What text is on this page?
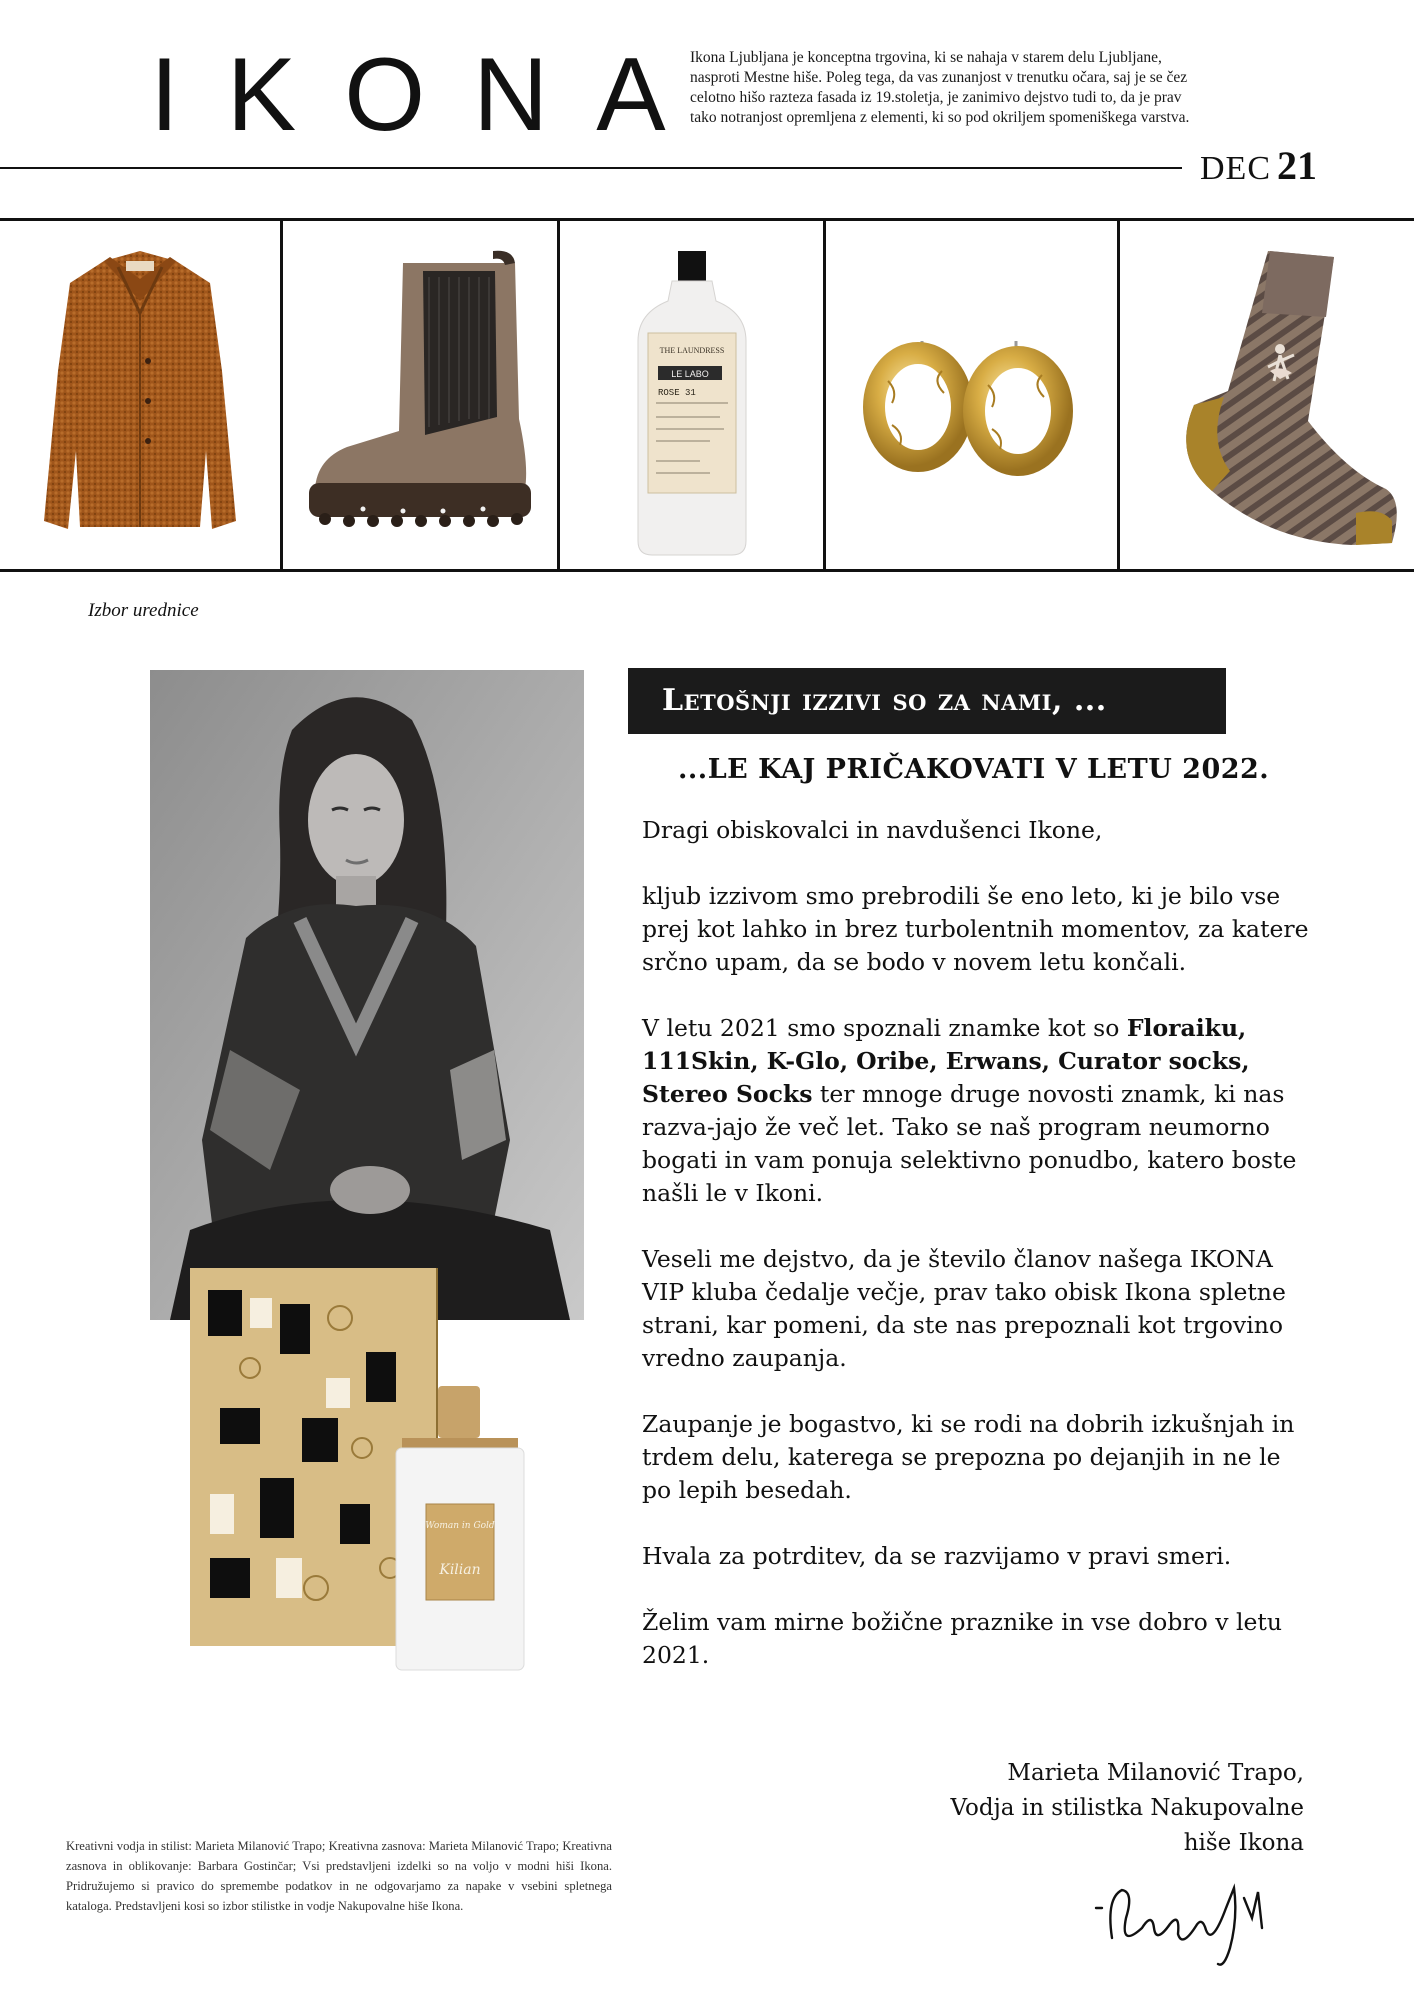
IKONA
Ikona Ljubljana je konceptna trgovina, ki se nahaja v starem delu Ljubljane, nasproti Mestne hiše. Poleg tega, da vas zunanjost v trenutku očara, saj je se čez celotno hišo razteza fasada iz 19.stoletja, je zanimivo dejstvo tudi to, da je prav tako notranjost opremljena z elementi, ki so pod okriljem spomeniškega varstva.
DEC 21
THE LAUNDRESS
LE LABO
ROSE 31
Izbor urednice
Woman in Gold
Kilian
Letošnji izzivi so za nami, ...
...LE KAJ PRIČAKOVATI V LETU 2022.

Dragi obiskovalci in navdušenci Ikone,

kljub izzivom smo prebrodili še eno leto, ki je bilo vse prej kot lahko in brez turbolentnih momentov, za katere srčno upam, da se bodo v novem letu končali.

V letu 2021 smo spoznali znamke kot so Floraiku, 111Skin, K-Glo, Oribe, Erwans, Curator socks, Stereo Socks ter mnoge druge novosti znamk, ki nas razva-jajo že več let. Tako se naš program neumorno bogati in vam ponuja selektivno ponudbo, katero boste našli le v Ikoni.

Veseli me dejstvo, da je število članov našega IKONA VIP kluba čedalje večje, prav tako obisk Ikona spletne strani, kar pomeni, da ste nas prepoznali kot trgovino vredno zaupanja.

Zaupanje je bogastvo, ki se rodi na dobrih izkušnjah in trdem delu, katerega se prepozna po dejanjih in ne le po lepih besedah.

Hvala za potrditev, da se razvijamo v pravi smeri.

Želim vam mirne božične praznike in vse dobro v letu 2021.

Marieta Milanović Trapo,
Vodja in stilistka Nakupovalne hiše Ikona
Kreativni vodja in stilist: Marieta Milanović Trapo; Kreativna zasnova: Marieta Milanović Trapo; Kreativna zasnova in oblikovanje: Barbara Gostinčar; Vsi predstavljeni izdelki so na voljo v modni hiši Ikona. Pridružujemo si pravico do spremembe podatkov in ne odgovarjamo za napake v vsebini spletnega kataloga. Predstavljeni kosi so izbor stilistke in vodje Nakupovalne hiše Ikona.
